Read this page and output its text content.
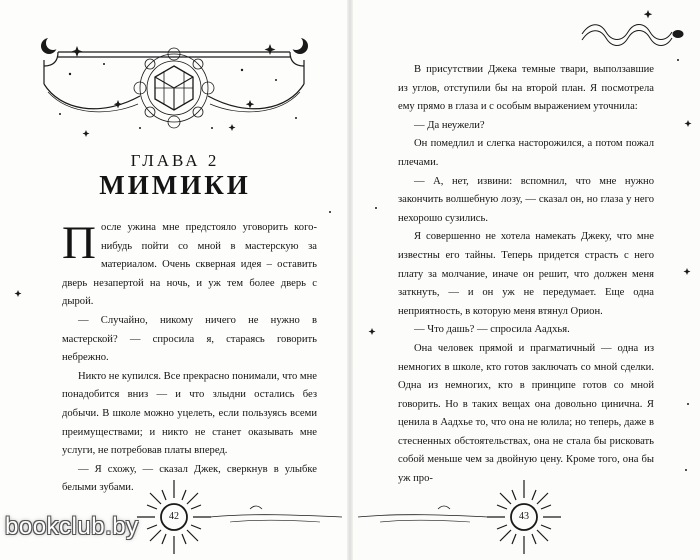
ГЛАВА 2
МИМИКИ

После ужина мне предстояло уговорить кого-нибудь пойти со мной в мастерскую за материалом. Очень скверная идея – оставить дверь незапертой на ночь, и уж тем более дверь с дырой.

— Случайно, никому ничего не нужно в мастерской? — спросила я, стараясь говорить небрежно.

Никто не купился. Все прекрасно понимали, что мне понадобится вниз — и что злыдни остались без добычи. В школе можно уцелеть, если пользуясь всеми преимуществами; и никто не станет оказывать мне услуги, не потребовав платы вперед.

— Я схожу, — сказал Джек, сверкнув в улыбке белыми зубами.

42

В присутствии Джека темные твари, выползавшие из углов, отступили бы на второй план. Я посмотрела ему прямо в глаза и с особым выражением уточнила:

— Да неужели?

Он помедлил и слегка насторожился, а потом пожал плечами.

— А, нет, извини: вспомнил, что мне нужно закончить волшебную лозу, — сказал он, но глаза у него нехорошо сузились.

Я совершенно не хотела намекать Джеку, что мне известны его тайны. Теперь придется страсть с него плату за молчание, иначе он решит, что должен меня заткнуть, — и он уж не передумает. Еще одна неприятность, в которую меня втянул Орион.

— Что дашь? — спросила Аадхья.

Она человек прямой и прагматичный — одна из немногих в школе, кто готов заключать со мной сделки. Одна из немногих, кто в принципе готов со мной говорить. Но в таких вещах она довольно цинична. Я ценила в Аадхье то, что она не юлила; но теперь, даже в стесненных обстоятельствах, она не стала бы рисковать собой меньше чем за двойную цену. Кроме того, она бы уж про-

43
bookclub.by
